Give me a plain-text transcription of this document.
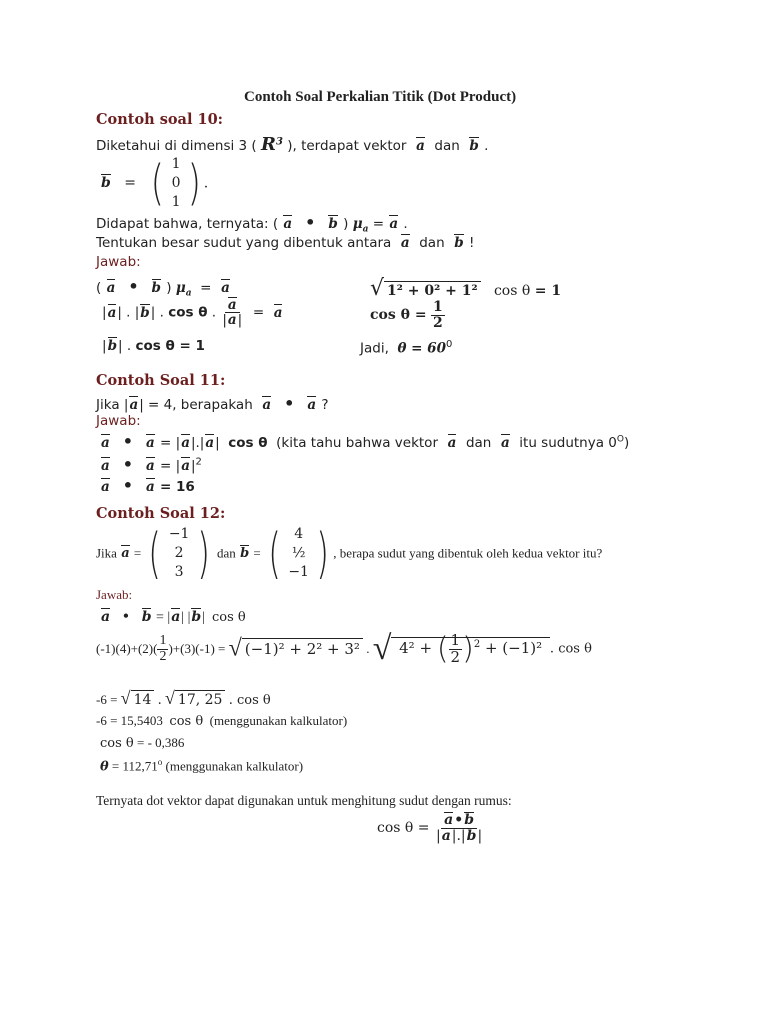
Contoh Soal Perkalian Titik (Dot Product)
Contoh soal 10:
Diketahui di dimensi 3 ( $R^3$ ), terdapat vektor a dan b .
b = ( 1
0
1 ) .
Didapat bahwa, ternyata: ( a • b ) $\mu_a = a$ .
Tentukan besar sudut yang dibentuk antara a dan b !
Jawab:
( a • b ) $\mu_a = a$
|a| . |b| . cos θ . $\frac{a}{|a|} = a$
|b| . cos θ = 1
√ 1² + 0² + 1² cos θ = 1
$\cos \theta = \frac{1}{2}$
Jadi, $\theta = 60^0$
Contoh Soal 11:
Jika |a| = 4, berapakah a • a ?
Jawab:
a • a = |a|.|a|  cos θ (kita tahu bahwa vektor a dan a itu sudutnya $0^O$)
a • $a = |a|^2$
a • a = 16
Contoh Soal 12:
Jika a = ( −1
2
3 ) dan b = ( 4
½
−1 ) , berapa sudut yang dibentuk oleh kedua vektor itu?
Jawab:
a • b = |a| |b|  cos θ
$(-1)(4)+(2)( \frac{1}{2} )+(3)(-1)$ = √ (−1)² + 2² + 3² . √ 4² + ( $\frac{1}{2} )^2 + (-1)^2$ . cos θ
-6 = √ 14 . √ 17, 25 . cos θ
-6 = 15,5403 cos θ (menggunakan kalkulator)
cos θ = - 0,386
$\theta = 112,71^o$ (menggunakan kalkulator)
Ternyata dot vektor dapat digunakan untuk menghitung sudut dengan rumus:
$\cos \theta = \frac{a•b}{|a|.|b|}$
